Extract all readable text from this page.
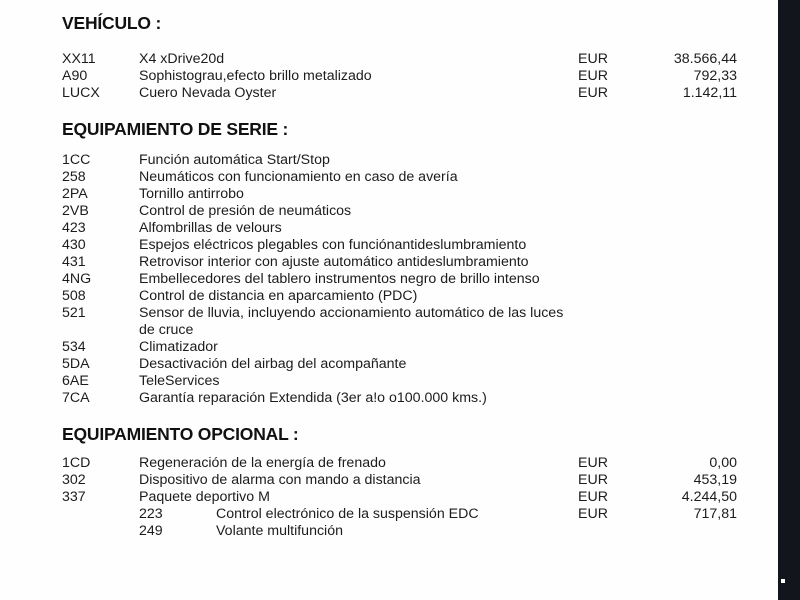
VEHÍCULO :
XX11	X4 xDrive20d	EUR	38.566,44
A90	Sophistograu,efecto brillo metalizado	EUR	792,33
LUCX	Cuero Nevada Oyster	EUR	1.142,11
EQUIPAMIENTO DE SERIE :
1CC	Función automática Start/Stop
258	Neumáticos con funcionamiento en caso de avería
2PA	Tornillo antirrobo
2VB	Control de presión de neumáticos
423	Alfombrillas de velours
430	Espejos eléctricos plegables con funciónantideslumbramiento
431	Retrovisor interior con ajuste automático antideslumbramiento
4NG	Embellecedores del tablero instrumentos negro de brillo intenso
508	Control de distancia en aparcamiento (PDC)
521	Sensor de lluvia, incluyendo accionamiento automático de las luces de cruce
534	Climatizador
5DA	Desactivación del airbag del acompañante
6AE	TeleServices
7CA	Garantía reparación Extendida (3er a!o o100.000 kms.)
EQUIPAMIENTO OPCIONAL :
1CD	Regeneración de la energía de frenado	EUR	0,00
302	Dispositivo de alarma con mando a distancia	EUR	453,19
337	Paquete deportivo M	EUR	4.244,50
223	Control electrónico de la suspensión EDC	EUR	717,81
249	Volante multifunción
